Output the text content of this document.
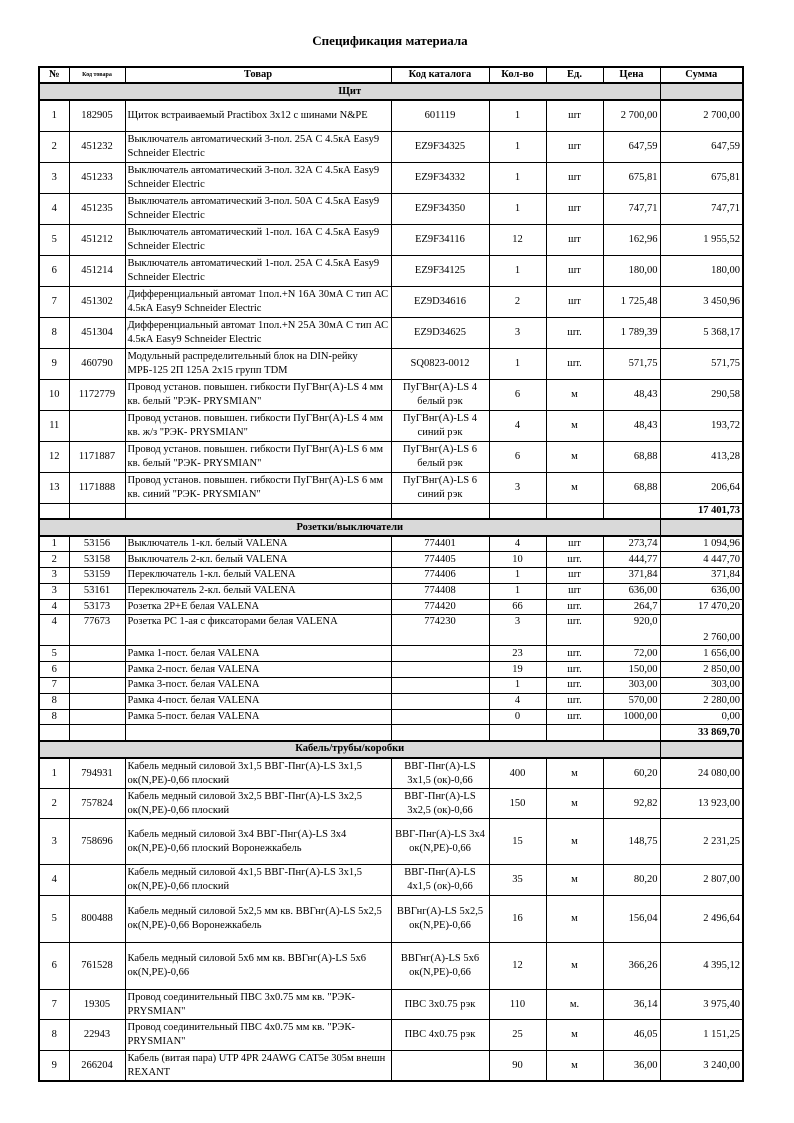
Спецификация материала
№	Код товара	Товар	Код каталога	Кол-во	Ед.	Цена	Сумма
Щит							
1	182905	Щиток встраиваемый Practibox 3x12 с шинами N&PE	601119	1	шт	2 700,00	2 700,00
2	451232	Выключатель автоматический 3-пол. 25А С 4.5кА Easy9 Schneider Electric	EZ9F34325	1	шт	647,59	647,59
3	451233	Выключатель автоматический 3-пол. 32А С 4.5кА Easy9 Schneider Electric	EZ9F34332	1	шт	675,81	675,81
4	451235	Выключатель автоматический 3-пол. 50А С 4.5кА Easy9 Schneider Electric	EZ9F34350	1	шт	747,71	747,71
5	451212	Выключатель автоматический 1-пол. 16А С 4.5кА Easy9 Schneider Electric	EZ9F34116	12	шт	162,96	1 955,52
6	451214	Выключатель автоматический 1-пол. 25А С 4.5кА Easy9 Schneider Electric	EZ9F34125	1	шт	180,00	180,00
7	451302	Дифференциальный автомат 1пол.+N 16А 30мА С тип АС 4.5кА Easy9 Schneider Electric	EZ9D34616	2	шт	1 725,48	3 450,96
8	451304	Дифференциальный автомат 1пол.+N 25А 30мА С тип АС 4.5кА Easy9 Schneider Electric	EZ9D34625	3	шт.	1 789,39	5 368,17
9	460790	Модульный распределительный блок на DIN-рейку МРБ-125 2П 125А 2х15 групп TDM	SQ0823-0012	1	шт.	571,75	571,75
10	1172779	Провод установ. повышен. гибкости ПуГВнг(А)-LS 4 мм кв. белый "РЭК- PRYSMIAN"	ПуГВнг(А)-LS 4 белый рэк	6	м	48,43	290,58
11		Провод установ. повышен. гибкости ПуГВнг(А)-LS 4 мм кв. ж/з "РЭК- PRYSMIAN"	ПуГВнг(А)-LS 4 синий рэк	4	м	48,43	193,72
12	1171887	Провод установ. повышен. гибкости ПуГВнг(А)-LS 6 мм кв. белый "РЭК- PRYSMIAN"	ПуГВнг(А)-LS 6 белый рэк	6	м	68,88	413,28
13	1171888	Провод установ. повышен. гибкости ПуГВнг(А)-LS 6 мм кв. синий "РЭК- PRYSMIAN"	ПуГВнг(А)-LS 6 синий рэк	3	м	68,88	206,64
							17 401,73
Розетки/выключатели							
1	53156	Выключатель 1-кл. белый VALENA	774401	4	шт	273,74	1 094,96
2	53158	Выключатель 2-кл. белый VALENA	774405	10	шт.	444,77	4 447,70
3	53159	Переключатель 1-кл. белый VALENA	774406	1	шт	371,84	371,84
3	53161	Переключатель 2-кл. белый VALENA	774408	1	шт	636,00	636,00
4	53173	Розетка 2Р+Е белая VALENA	774420	66	шт.	264,7	17 470,20
4	77673	Розетка РС 1-ая с фиксаторами белая VALENA	774230	3	шт.	920,0	2 760,00
5		Рамка 1-пост. белая VALENA		23	шт.	72,00	1 656,00
6		Рамка 2-пост. белая VALENA		19	шт.	150,00	2 850,00
7		Рамка 3-пост. белая VALENA		1	шт.	303,00	303,00
8		Рамка 4-пост. белая VALENA		4	шт.	570,00	2 280,00
8		Рамка 5-пост. белая VALENA		0	шт.	1000,00	0,00
							33 869,70
Кабель/трубы/коробки							
1	794931	Кабель медный силовой 3х1,5 ВВГ-Пнг(А)-LS 3х1,5 ок(N,PE)-0,66 плоский	ВВГ-Пнг(А)-LS 3х1,5 (ок)-0,66	400	м	60,20	24 080,00
2	757824	Кабель медный силовой 3х2,5 ВВГ-Пнг(А)-LS 3х2,5 ок(N,PE)-0,66 плоский	ВВГ-Пнг(А)-LS 3х2,5 (ок)-0,66	150	м	92,82	13 923,00
3	758696	Кабель медный силовой 3х4 ВВГ-Пнг(А)-LS 3х4 ок(N,PE)-0,66 плоский Воронежкабель	ВВГ-Пнг(А)-LS 3х4 ок(N,PE)-0,66	15	м	148,75	2 231,25
4		Кабель медный силовой 4х1,5 ВВГ-Пнг(А)-LS 3х1,5 ок(N,PE)-0,66 плоский	ВВГ-Пнг(А)-LS 4х1,5 (ок)-0,66	35	м	80,20	2 807,00
5	800488	Кабель медный силовой 5х2,5 мм кв. ВВГнг(А)-LS 5х2,5 ок(N,PE)-0,66 Воронежкабель	ВВГнг(А)-LS 5х2,5 ок(N,PE)-0,66	16	м	156,04	2 496,64
6	761528	Кабель медный силовой 5х6 мм кв. ВВГнг(А)-LS 5х6 ок(N,PE)-0,66	ВВГнг(А)-LS 5х6 ок(N,PE)-0,66	12	м	366,26	4 395,12
7	19305	Провод соединительный ПВС 3х0.75 мм кв. "РЭК- PRYSMIAN"	ПВС 3х0.75 рэк	110	м.	36,14	3 975,40
8	22943	Провод соединительный ПВС 4х0.75 мм кв. "РЭК- PRYSMIAN"	ПВС 4х0.75 рэк	25	м	46,05	1 151,25
9	266204	Кабель (витая пара) UTP 4PR 24AWG CAT5e 305м внешн REXANT		90	м	36,00	3 240,00
